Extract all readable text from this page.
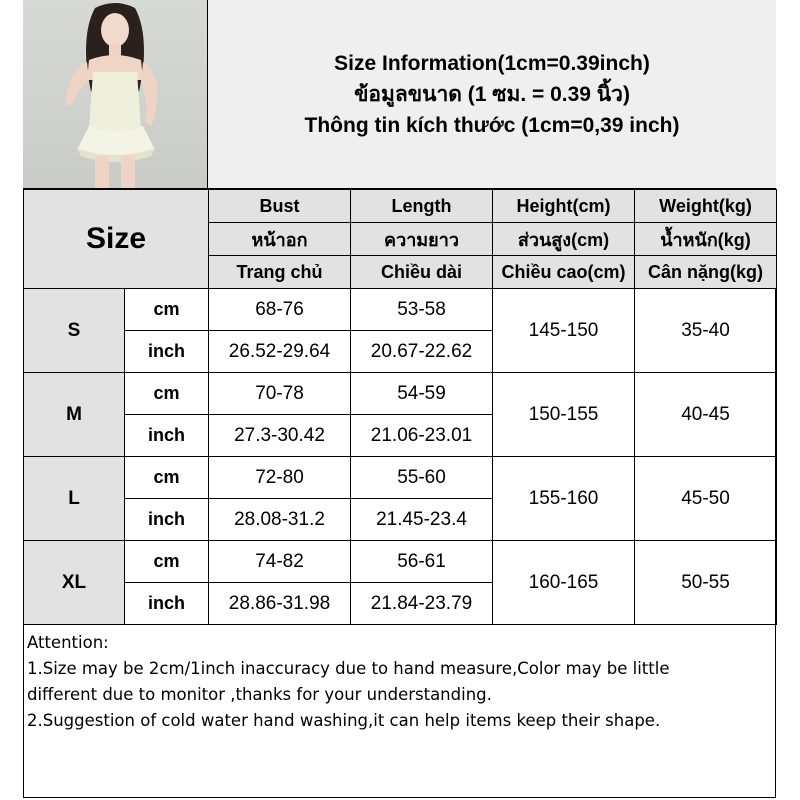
Size Information(1cm=0.39inch)
ข้อมูลขนาด (1 ซม. = 0.39 นิ้ว)
Thông tin kích thước (1cm=0,39 inch)
Size		Bust	Length	Height(cm)	Weight(kg)
		หน้าอก	ความยาว	ส่วนสูง(cm)	น้ำหนัก(kg)
		Trang chủ	Chiều dài	Chiều cao(cm)	Cân nặng(kg)
S	cm	68-76	53-58	145-150	35-40
	inch	26.52-29.64	20.67-22.62		
M	cm	70-78	54-59	150-155	40-45
	inch	27.3-30.42	21.06-23.01		
L	cm	72-80	55-60	155-160	45-50
	inch	28.08-31.2	21.45-23.4		
XL	cm	74-82	56-61	160-165	50-55
	inch	28.86-31.98	21.84-23.79		
Attention:
1.Size may be 2cm/1inch inaccuracy due to hand measure,Color may be little
different due to monitor ,thanks for your understanding.
2.Suggestion of cold water hand washing,it can help items keep their shape.
